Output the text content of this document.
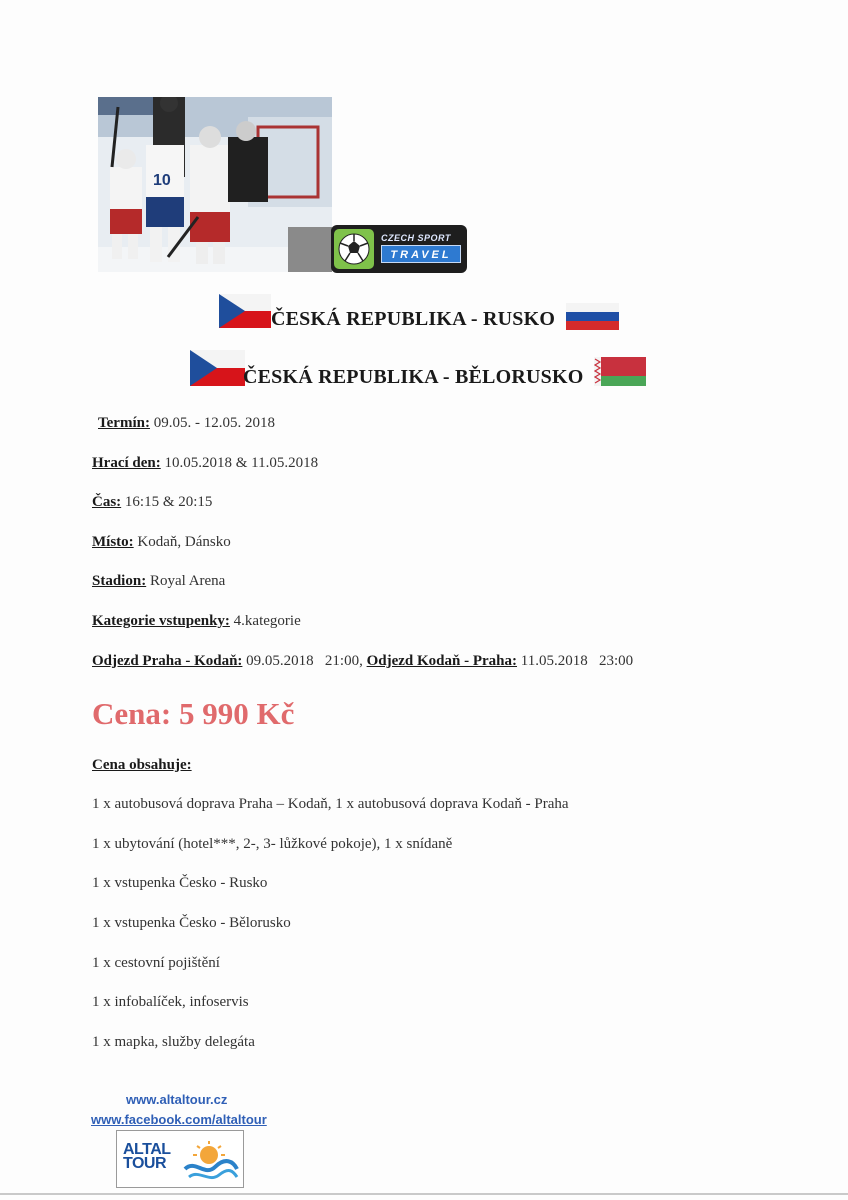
10
CZECH SPORT
TRAVEL
ČESKÁ REPUBLIKA - RUSKO
ČESKÁ REPUBLIKA - BĚLORUSKO
Termín: 09.05. - 12.05. 2018
Hrací den: 10.05.2018 & 11.05.2018
Čas: 16:15 & 20:15
Místo: Kodaň, Dánsko
Stadion: Royal Arena
Kategorie vstupenky: 4.kategorie
Odjezd Praha - Kodaň: 09.05.2018   21:00, Odjezd Kodaň - Praha: 11.05.2018   23:00
Cena: 5 990 Kč
Cena obsahuje:
1 x autobusová doprava Praha – Kodaň, 1 x autobusová doprava Kodaň - Praha
1 x ubytování (hotel***, 2-, 3- lůžkové pokoje), 1 x snídaně
1 x vstupenka Česko - Rusko
1 x vstupenka Česko - Bělorusko
1 x cestovní pojištění
1 x infobalíček, infoservis
1 x mapka, služby delegáta
www.altaltour.cz
www.facebook.com/altaltour
ALTAL
TOUR
